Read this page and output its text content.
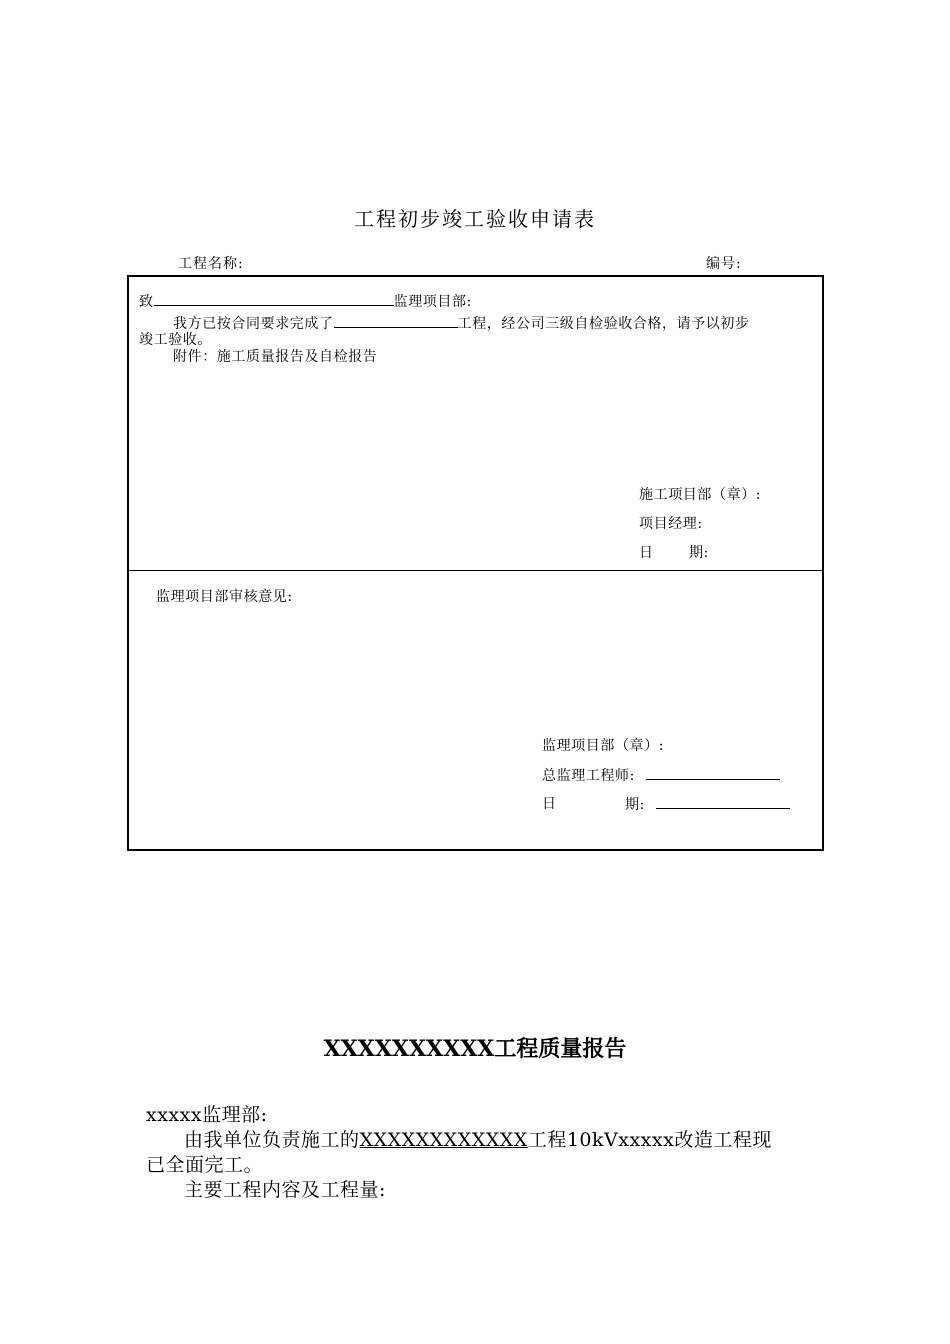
工程初步竣工验收申请表
工程名称:	编号:
致	监理项目部:
我方已按合同要求完成了	工程，经公司三级自检验收合格，请予以初步
竣工验收。
附件：施工质量报告及自检报告
施工项目部（章）:
项目经理:
日	期:
监理项目部审核意见:
监理项目部（章）:
总监理工程师:
日	期:
XXXXXXXXXX工程质量报告
xxxxx监理部:
由我单位负责施工的XXXXXXXXXXXX工程10kVxxxxx改造工程现
已全面完工。
主要工程内容及工程量:
